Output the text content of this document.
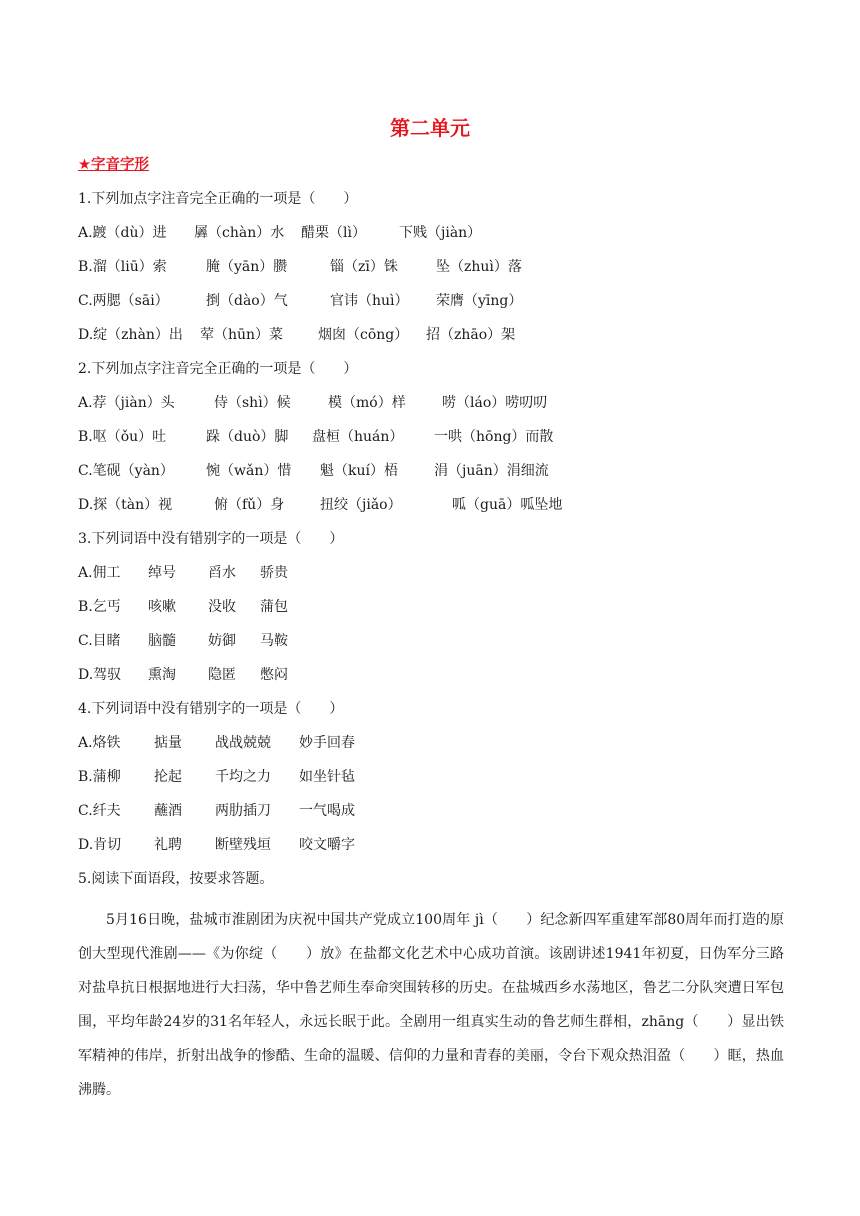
第二单元
★字音字形
1.下列加点字注音完全正确的一项是（　　）
A.踱（dù）进 羼（chàn）水 醋栗（lì） 下贱（jiàn）
B.溜（liū）索	腌（yān）臜	锱（zī）铢	坠（zhuì）落
C.两腮（sāi）	捯（dào）气	官讳（huì） 荣膺（yīng）
D.绽（zhàn）出 荤（hūn）菜 烟囱（cōng） 招（zhāo）架
2.下列加点字注音完全正确的一项是（　　）
A.荐（jiàn）头	侍（shì）候	模（mó）样	唠（láo）唠叨叨
B.呕（ǒu）吐	跺（duò）脚 盘桓（huán） 一哄（hōng）而散
C.笔砚（yàn） 惋（wǎn）惜 魁（kuí）梧	涓（juān）涓细流
D.探（tàn）视	俯（fǔ）身	扭绞（jiǎo）	呱（guā）呱坠地
3.下列词语中没有错别字的一项是（　　）
A.佣工 绰号 舀水 骄贵
B.乞丐 咳嗽 没收 蒲包
C.目睹 脑髓 妨御 马鞍
D.驾驭 熏淘 隐匿 憋闷
4.下列词语中没有错别字的一项是（　　）
A.烙铁 掂量 战战兢兢 妙手回春
B.蒲柳 抡起 千均之力 如坐针毡
C.纤夫 蘸酒 两肋插刀 一气喝成
D.肯切 礼聘 断壁残垣 咬文嚼字
5.阅读下面语段，按要求答题。
5月16日晚，盐城市淮剧团为庆祝中国共产党成立100周年 jì（　　）纪念新四军重建军部80周年而打造的原创大型现代淮剧——《为你绽（　　）放》在盐都文化艺术中心成功首演。该剧讲述1941年初夏，日伪军分三路对盐阜抗日根据地进行大扫荡，华中鲁艺师生奉命突围转移的历史。在盐城西乡水荡地区，鲁艺二分队突遭日军包围，平均年龄24岁的31名年轻人，永远长眠于此。全剧用一组真实生动的鲁艺师生群相，zhāng（　　）显出铁军精神的伟岸，折射出战争的惨酷、生命的温暖、信仰的力量和青春的美丽，令台下观众热泪盈（　　）眶，热血沸腾。
